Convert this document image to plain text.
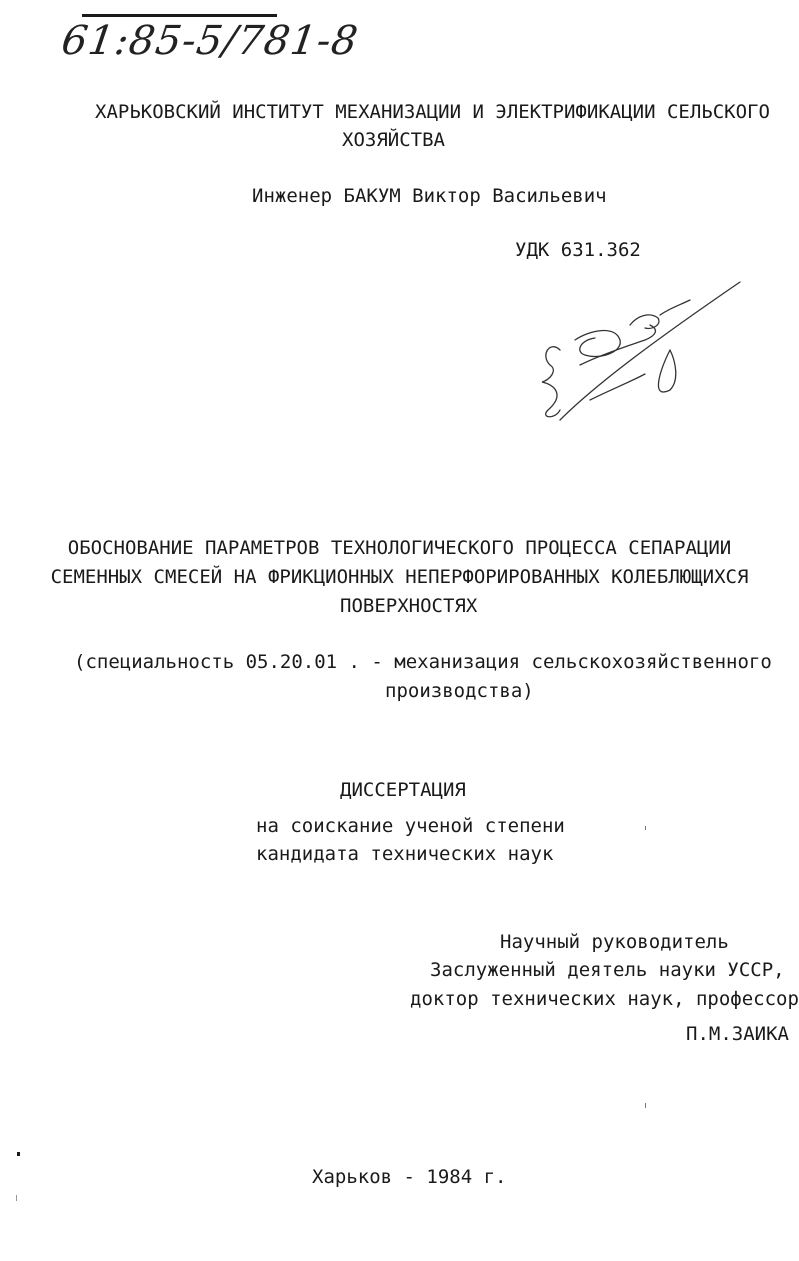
61:85-5/781-8
ХАРЬКОВСКИЙ ИНСТИТУТ МЕХАНИЗАЦИИ И ЭЛЕКТРИФИКАЦИИ СЕЛЬСКОГО
ХОЗЯЙСТВА
Инженер БАКУМ Виктор Васильевич
УДК 631.362
ОБОСНОВАНИЕ ПАРАМЕТРОВ ТЕХНОЛОГИЧЕСКОГО ПРОЦЕССА СЕПАРАЦИИ
СЕМЕННЫХ СМЕСЕЙ НА ФРИКЦИОННЫХ НЕПЕРФОРИРОВАННЫХ КОЛЕБЛЮЩИХСЯ
ПОВЕРХНОСТЯХ
(специальность 05.20.01 . - механизация сельскохозяйственного
производства)
ДИССЕРТАЦИЯ
на соискание ученой степени
кандидата технических наук
Научный руководитель
Заслуженный деятель науки УССР,
доктор технических наук, профессор
П.М.ЗАИКА
Харьков - 1984 г.
